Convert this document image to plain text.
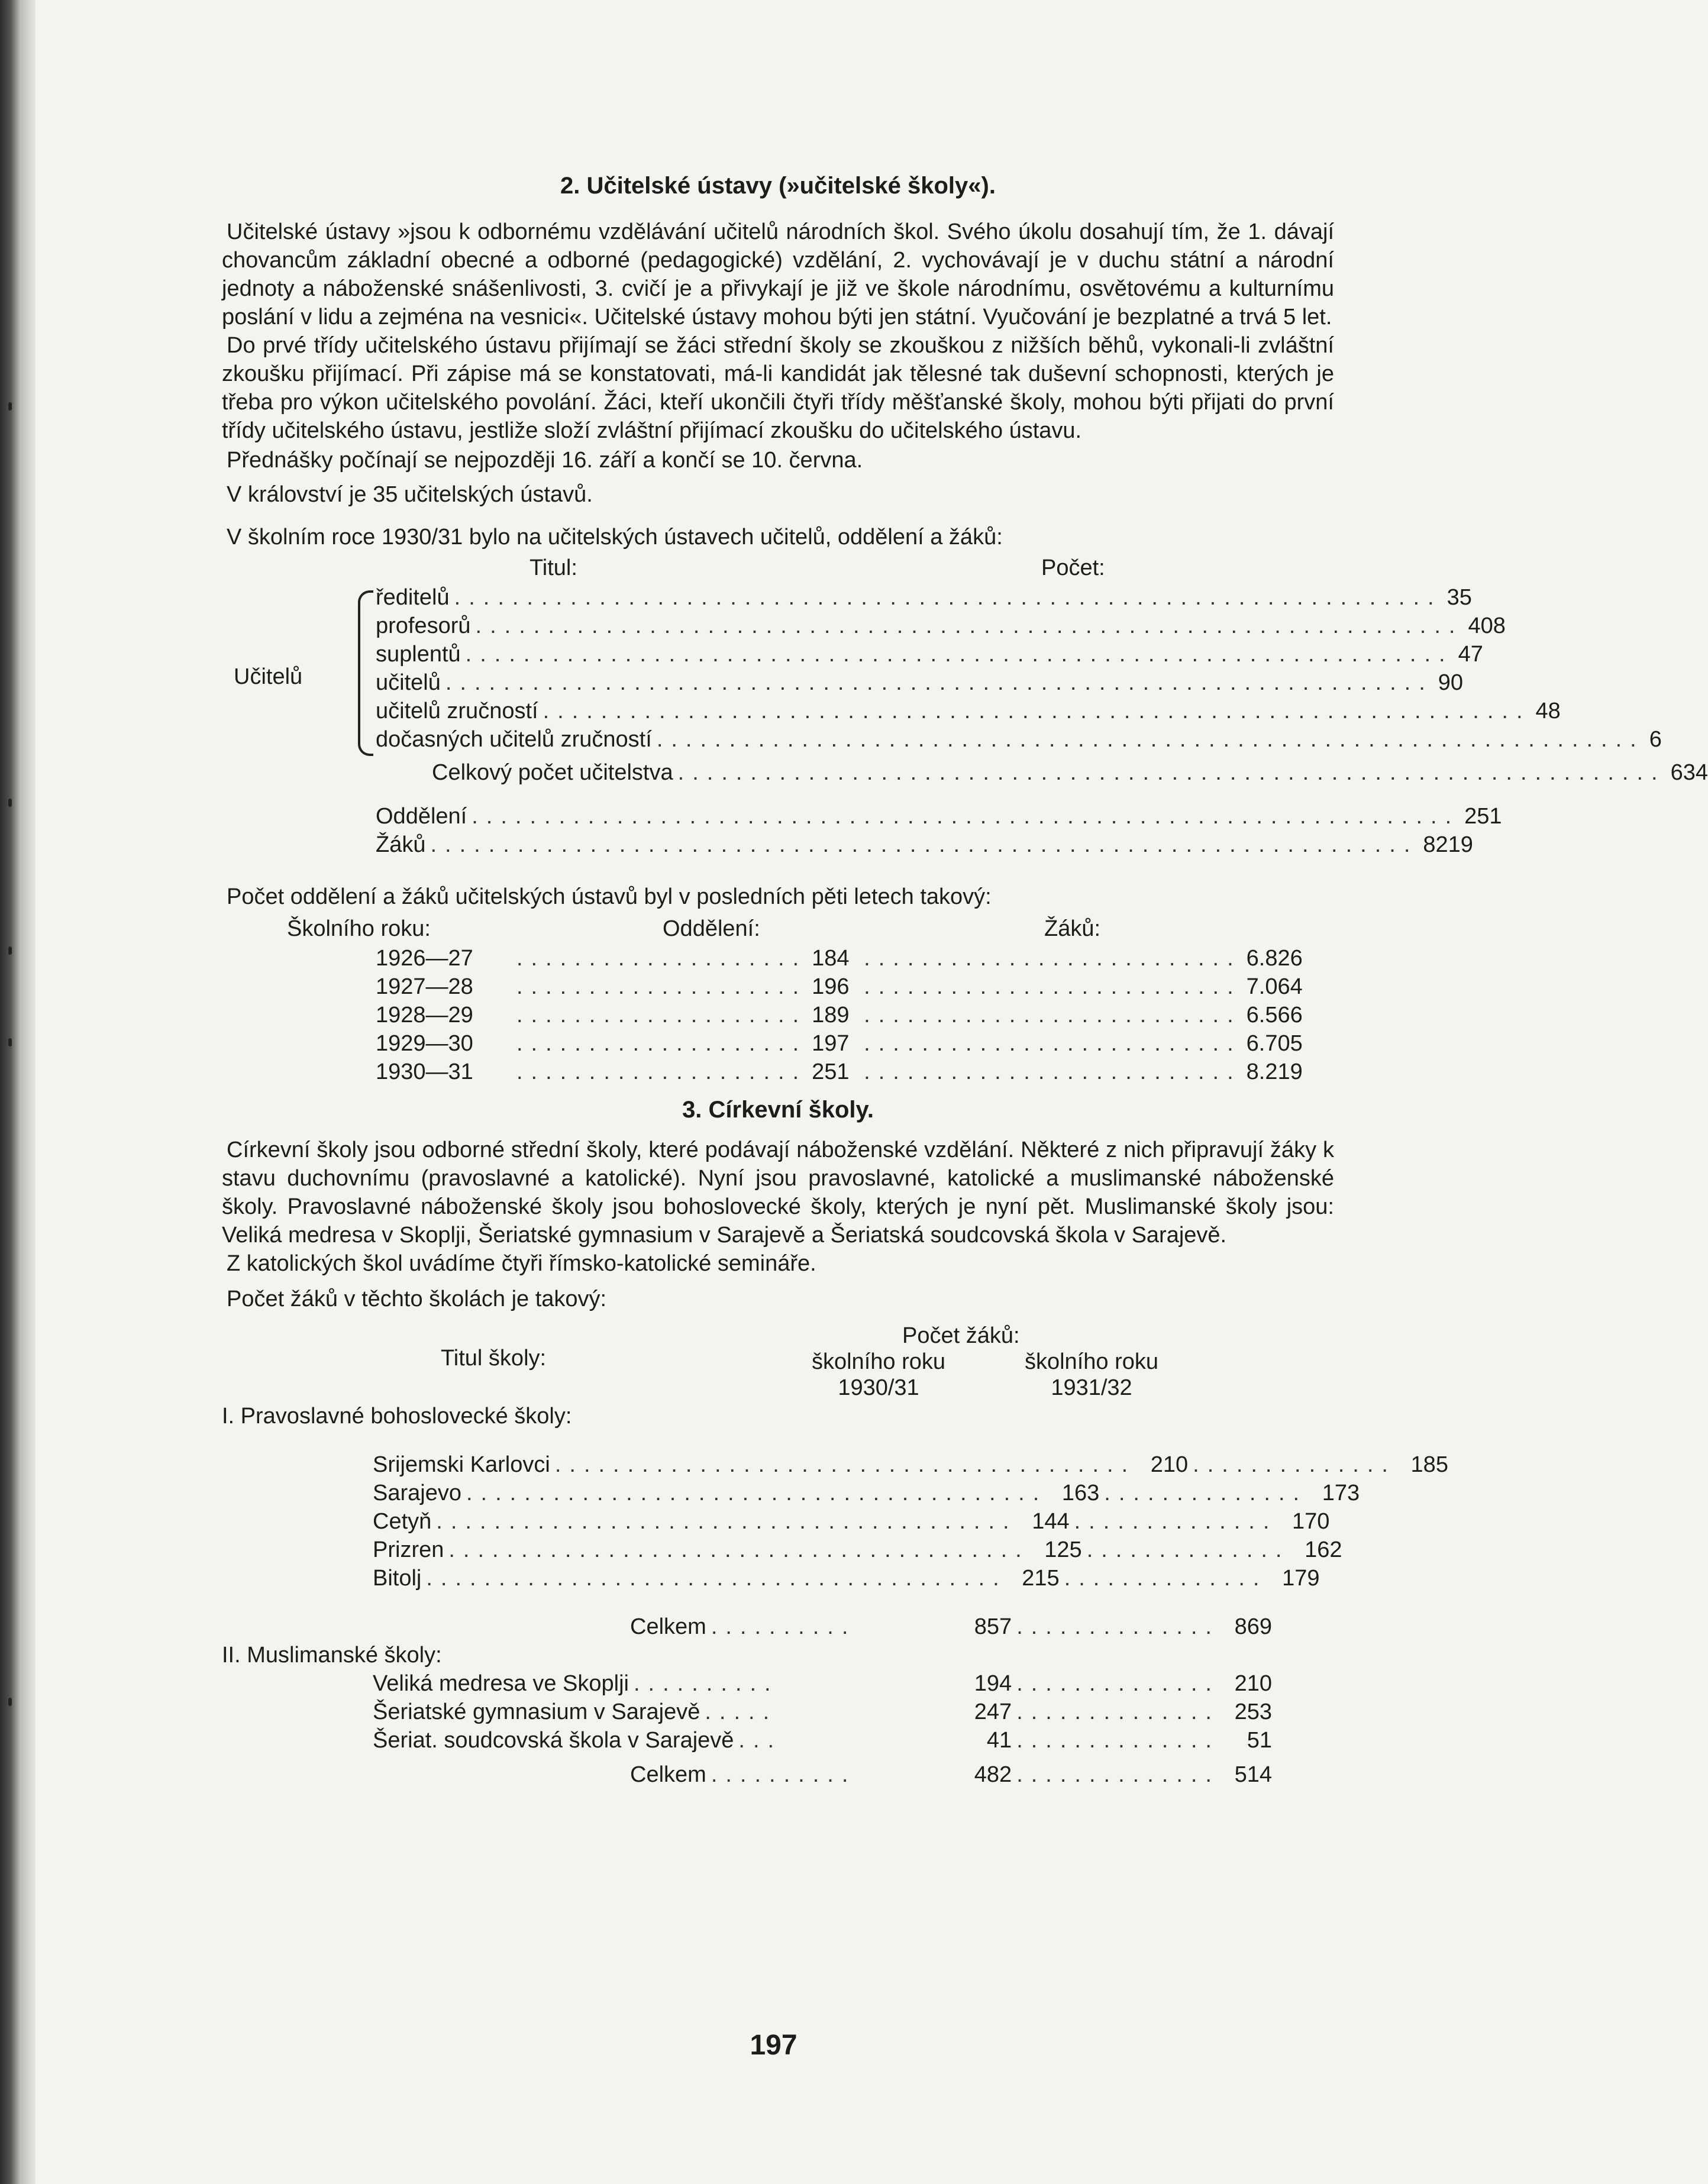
2. Učitelské ústavy (»učitelské školy«).

Učitelské ústavy »jsou k odbornému vzdělávání učitelů národních škol. Svého úkolu dosahují tím, že 1. dávají chovancům základní obecné a odborné (pedagogické) vzdělání, 2. vychovávají je v duchu státní a národní jednoty a náboženské snášenlivosti, 3. cvičí je a přivykají je již ve škole národnímu, osvětovému a kulturnímu poslání v lidu a zejména na vesnici«. Učitelské ústavy mohou býti jen státní. Vyučování je bezplatné a trvá 5 let.

Do prvé třídy učitelského ústavu přijímají se žáci střední školy se zkouškou z nižších běhů, vykonali-li zvláštní zkoušku přijímací. Při zápise má se konstatovati, má-li kandidát jak tělesné tak duševní schopnosti, kterých je třeba pro výkon učitelského povolání. Žáci, kteří ukončili čtyři třídy měšťanské školy, mohou býti přijati do první třídy učitelského ústavu, jestliže složí zvláštní přijímací zkoušku do učitelského ústavu.

Přednášky počínají se nejpozději 16. září a končí se 10. června.

V království je 35 učitelských ústavů.

V školním roce 1930/31 bylo na učitelských ústavech učitelů, oddělení a žáků:

Titul:	Počet:
Učitelů
ředitelů .................................................................... 35
profesorů .................................................................... 408
suplentů .................................................................... 47
učitelů .................................................................... 90
učitelů zručností .................................................................... 48
dočasných učitelů zručností .................................................................... 6
Celkový počet učitelstva .................................................................... 634
Oddělení .................................................................... 251
Žáků .................................................................... 8219

Počet oddělení a žáků učitelských ústavů byl v posledních pěti letech takový:

Školního roku:	Oddělení:	Žáků:
1926—27	.................... 184 .......................... 6.826
1927—28	.................... 196 .......................... 7.064
1928—29	.................... 189 .......................... 6.566
1929—30	.................... 197 .......................... 6.705
1930—31	.................... 251 .......................... 8.219
3. Církevní školy.

Církevní školy jsou odborné střední školy, které podávají náboženské vzdělání. Některé z nich připravují žáky k stavu duchovnímu (pravoslavné a katolické). Nyní jsou pravoslavné, katolické a muslimanské náboženské školy. Pravoslavné náboženské školy jsou bohoslovecké školy, kterých je nyní pět. Muslimanské školy jsou: Veliká medresa v Skoplji, Šeriatské gymnasium v Sarajevě a Šeriatská soudcovská škola v Sarajevě.

Z katolických škol uvádíme čtyři římsko-katolické semináře.

Počet žáků v těchto školách je takový:

Počet žáků:
Titul školy:	školního roku
1930/31
školního roku
1931/32
I. Pravoslavné bohoslovecké školy:
Srijemski Karlovci ........................................ 210 .............. 185
Sarajevo ........................................ 163 .............. 173
Cetyň ........................................ 144 .............. 170
Prizren ........................................ 125 .............. 162
Bitolj ........................................ 215 .............. 179
Celkem ..........	857 .............. 869
II. Muslimanské školy:
Veliká medresa ve Skoplji ..........	194 .............. 210
Šeriatské gymnasium v Sarajevě .....	247 .............. 253
Šeriat. soudcovská škola v Sarajevě ...	41 ..............	51
Celkem ..........	482 .............. 514
197
